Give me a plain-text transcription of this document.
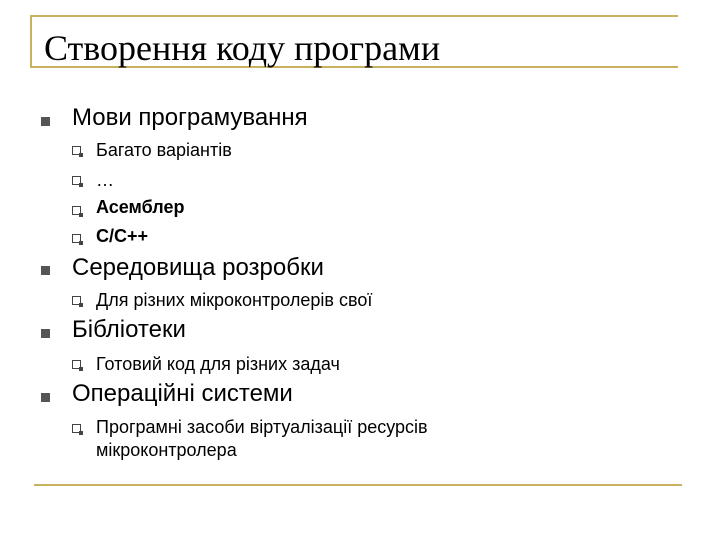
Створення коду програми
Мови програмування
Багато варіантів
…
Асемблер
C/C++
Середовища розробки
Для різних мікроконтролерів свої
Бібліотеки
Готовий код для різних задач
Операційні системи
Програмні засоби віртуалізації ресурсів
мікроконтролера
